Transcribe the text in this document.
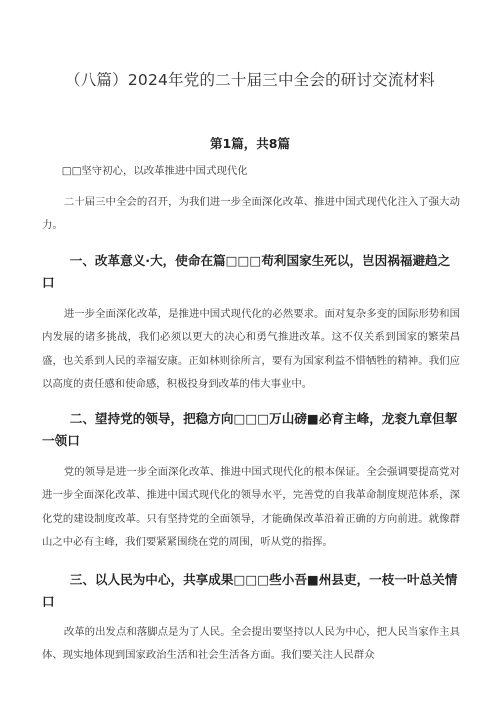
（八篇）2024年党的二十届三中全会的研讨交流材料
第1篇，共8篇

□□坚守初心，以改革推进中国式现代化

二十届三中全会的召开，为我们进一步全面深化改革、推进中国式现代化注入了强大动力。

一、改革意义·大，使命在篇□□□苟利国家生死以，岂因祸福避趋之口

进一步全面深化改革，是推进中国式现代化的必然要求。面对复杂多变的国际形势和国内发展的诸多挑战，我们必须以更大的决心和勇气推进改革。这不仅关系到国家的繁荣昌盛，也关系到人民的幸福安康。正如林则徐所言，要有为国家利益不惜牺牲的精神。我们应以高度的责任感和使命感，积极投身到改革的伟大事业中。

二、望持党的领导，把稳方向□□□万山磅■必育主峰，龙衮九章但挈一领口

党的领导是进一步全面深化改革、推进中国式现代化的根本保证。全会强调要提高党对进一步全面深化改革、推进中国式现代化的领导水平，完善党的自我革命制度规范体系，深化党的建设制度改革。只有坚持党的全面领导，才能确保改革沿着正确的方向前进。就像群山之中必有主峰，我们要紧紧围绕在党的周围，听从党的指挥。

三、以人民为中心，共享成果□□□些小吾■州县吏，一枝一叶总关情口

改革的出发点和落脚点是为了人民。全会提出要坚持以人民为中心，把人民当家作主具体、现实地体现到国家政治生活和社会生活各方面。我们要关注人民群众
